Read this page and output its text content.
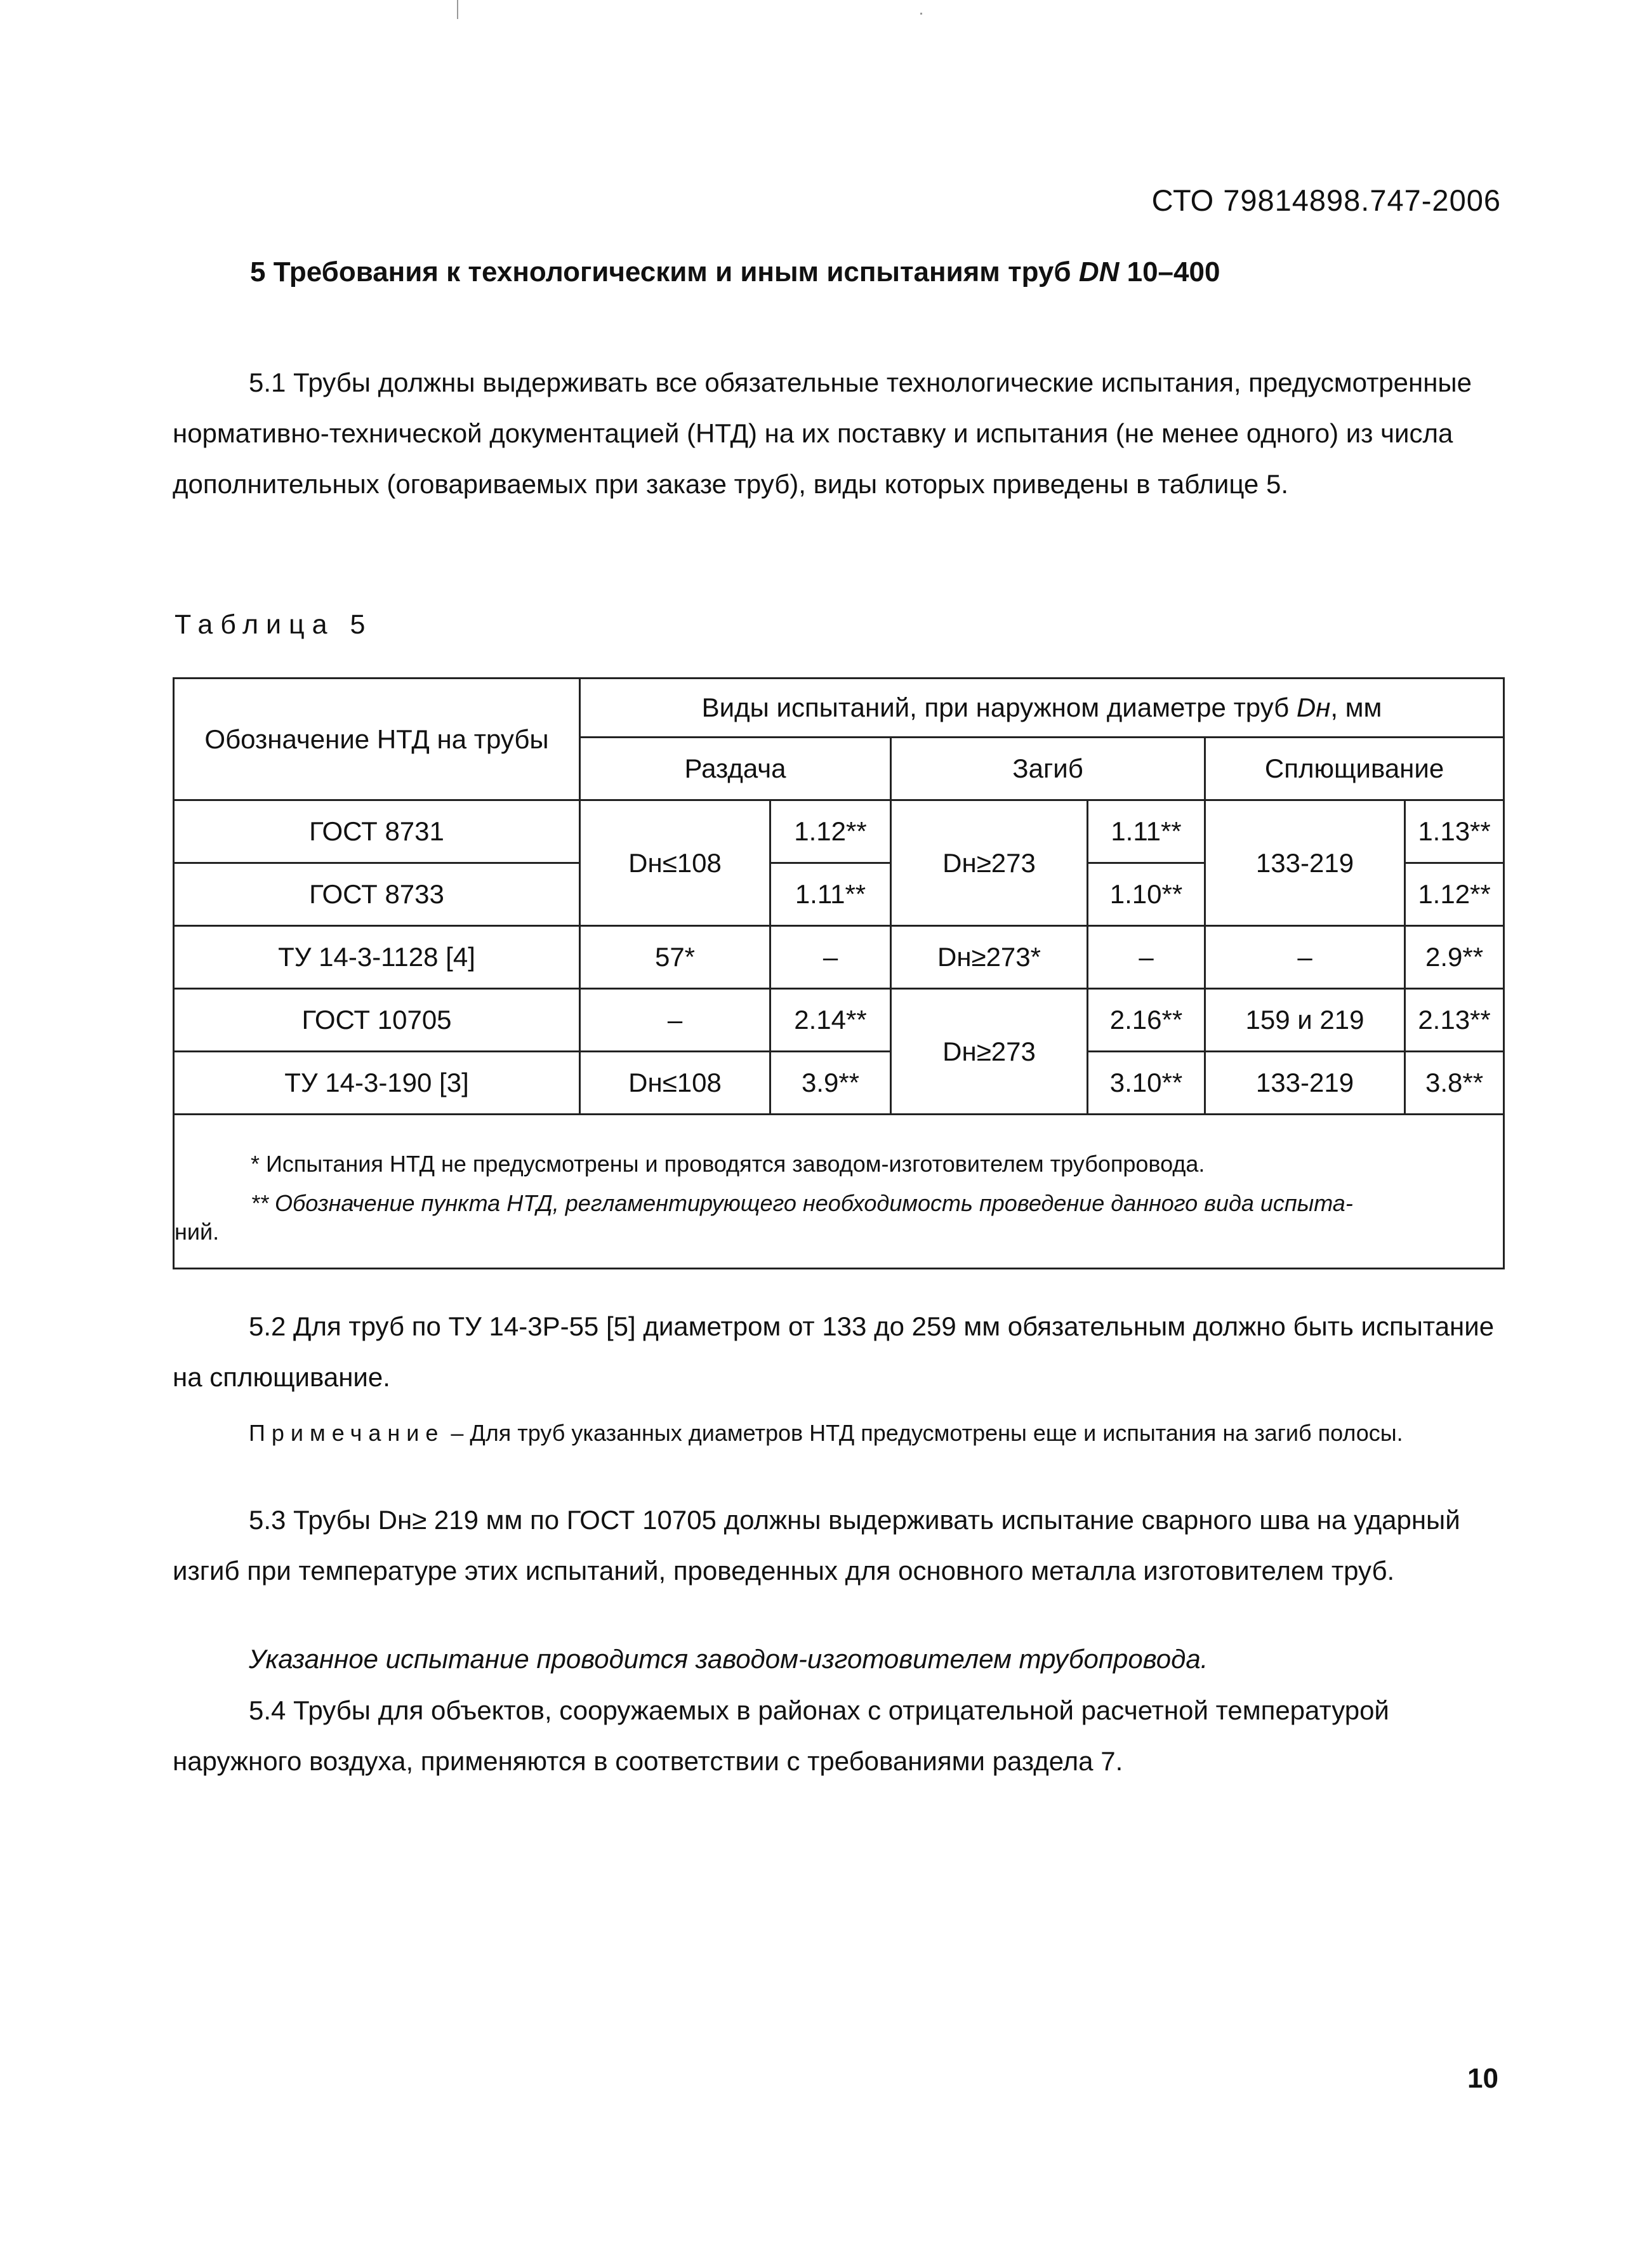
СТО 79814898.747-2006
5 Требования к технологическим и иным испытаниям труб DN 10–400

5.1 Трубы должны выдерживать все обязательные технологические испытания, предусмотренные нормативно-технической документацией (НТД) на их поставку и испытания (не менее одного) из числа дополнительных (оговариваемых при заказе труб), виды которых приведены в таблице 5.

Таблица 5
Обозначение НТД на трубы	Виды испытаний, при наружном диаметре труб Dн, мм					
	Раздача		Загиб		Сплющивание	
ГОСТ 8731	Dн≤108	1.12**	Dн≥273	1.11**	133-219	1.13**
ГОСТ 8733		1.11**		1.10**		1.12**
ТУ 14-3-1128 [4]	57*	–	Dн≥273*	–	–	2.9**
ГОСТ 10705	–	2.14**	Dн≥273	2.16**	159 и 219	2.13**
ТУ 14-3-190 [3]	Dн≤108	3.9**		3.10**	133-219	3.8**

* Испытания НТД не предусмотрены и проводятся заводом-изготовителем трубопровода.
** Обозначение пункта НТД, регламентирующего необходимость проведение данного вида испыта-
ний.						

5.2 Для труб по ТУ 14-3Р-55 [5] диаметром от 133 до 259 мм обязательным должно быть испытание на сплющивание.

Примечание – Для труб указанных диаметров НТД предусмотрены еще и испытания на загиб полосы.

5.3 Трубы Dн≥ 219 мм по ГОСТ 10705 должны выдерживать испытание сварного шва на ударный изгиб при температуре этих испытаний, проведенных для основного металла изготовителем труб.

Указанное испытание проводится заводом-изготовителем трубопровода.

5.4 Трубы для объектов, сооружаемых в районах с отрицательной расчетной температурой наружного воздуха, применяются в соответствии с требованиями раздела 7.

10
